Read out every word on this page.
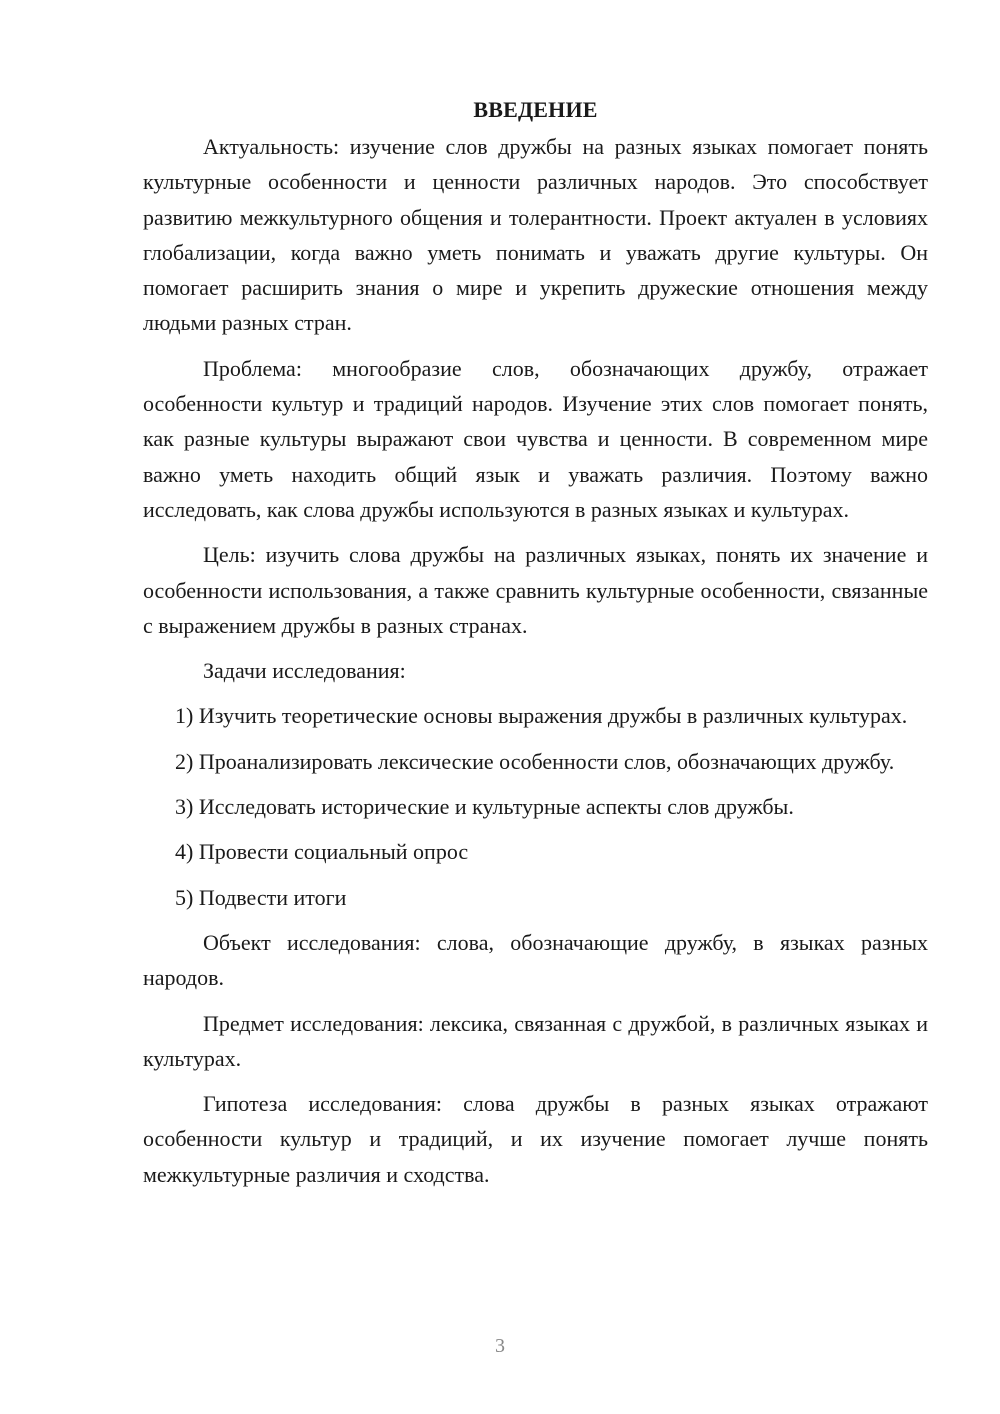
ВВЕДЕНИЕ

Актуальность: изучение слов дружбы на разных языках помогает понять культурные особенности и ценности различных народов. Это способствует развитию межкультурного общения и толерантности. Проект актуален в условиях глобализации, когда важно уметь понимать и уважать другие культуры. Он помогает расширить знания о мире и укрепить дружеские отношения между людьми разных стран.

Проблема: многообразие слов, обозначающих дружбу, отражает особенности культур и традиций народов. Изучение этих слов помогает понять, как разные культуры выражают свои чувства и ценности. В современном мире важно уметь находить общий язык и уважать различия. Поэтому важно исследовать, как слова дружбы используются в разных языках и культурах.

Цель: изучить слова дружбы на различных языках, понять их значение и особенности использования, а также сравнить культурные особенности, связанные с выражением дружбы в разных странах.

Задачи исследования:

1) Изучить теоретические основы выражения дружбы в различных культурах.

2) Проанализировать лексические особенности слов, обозначающих дружбу.

3) Исследовать исторические и культурные аспекты слов дружбы.

4) Провести социальный опрос

5) Подвести итоги

Объект исследования: слова, обозначающие дружбу, в языках разных народов.

Предмет исследования: лексика, связанная с дружбой, в различных языках и культурах.

Гипотеза исследования: слова дружбы в разных языках отражают особенности культур и традиций, и их изучение помогает лучше понять межкультурные различия и сходства.

3
